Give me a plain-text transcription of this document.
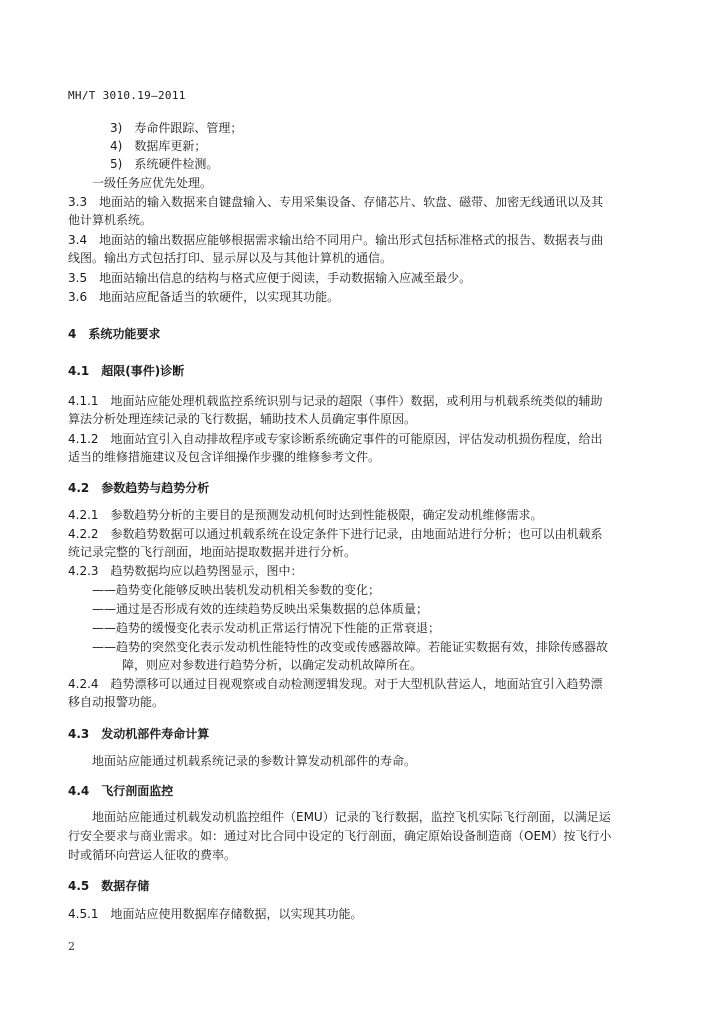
MH/T 3010.19—2011
3)　寿命件跟踪、管理；
4)　数据库更新；
5)　系统硬件检测。
一级任务应优先处理。
3.3　地面站的输入数据来自键盘输入、专用采集设备、存储芯片、软盘、磁带、加密无线通讯以及其
他计算机系统。
3.4　地面站的输出数据应能够根据需求输出给不同用户。输出形式包括标准格式的报告、数据表与曲
线图。输出方式包括打印、显示屏以及与其他计算机的通信。
3.5　地面站输出信息的结构与格式应便于阅读，手动数据输入应减至最少。
3.6　地面站应配备适当的软硬件，以实现其功能。
4　系统功能要求
4.1　超限(事件)诊断
4.1.1　地面站应能处理机载监控系统识别与记录的超限（事件）数据，或利用与机载系统类似的辅助
算法分析处理连续记录的飞行数据，辅助技术人员确定事件原因。
4.1.2　地面站宜引入自动排故程序或专家诊断系统确定事件的可能原因，评估发动机损伤程度，给出
适当的维修措施建议及包含详细操作步骤的维修参考文件。
4.2　参数趋势与趋势分析
4.2.1　参数趋势分析的主要目的是预测发动机何时达到性能极限，确定发动机维修需求。
4.2.2　参数趋势数据可以通过机载系统在设定条件下进行记录，由地面站进行分析；也可以由机载系
统记录完整的飞行剖面，地面站提取数据并进行分析。
4.2.3　趋势数据均应以趋势图显示，图中：
——趋势变化能够反映出装机发动机相关参数的变化；
——通过是否形成有效的连续趋势反映出采集数据的总体质量；
——趋势的缓慢变化表示发动机正常运行情况下性能的正常衰退；
——趋势的突然变化表示发动机性能特性的改变或传感器故障。若能证实数据有效，排除传感器故
障，则应对参数进行趋势分析，以确定发动机故障所在。
4.2.4　趋势漂移可以通过目视观察或自动检测逻辑发现。对于大型机队营运人，地面站宜引入趋势漂
移自动报警功能。
4.3　发动机部件寿命计算
地面站应能通过机载系统记录的参数计算发动机部件的寿命。
4.4　飞行剖面监控
地面站应能通过机载发动机监控组件（EMU）记录的飞行数据，监控飞机实际飞行剖面，以满足运
行安全要求与商业需求。如：通过对比合同中设定的飞行剖面，确定原始设备制造商（OEM）按飞行小
时或循环向营运人征收的费率。
4.5　数据存储
4.5.1　地面站应使用数据库存储数据，以实现其功能。
2
